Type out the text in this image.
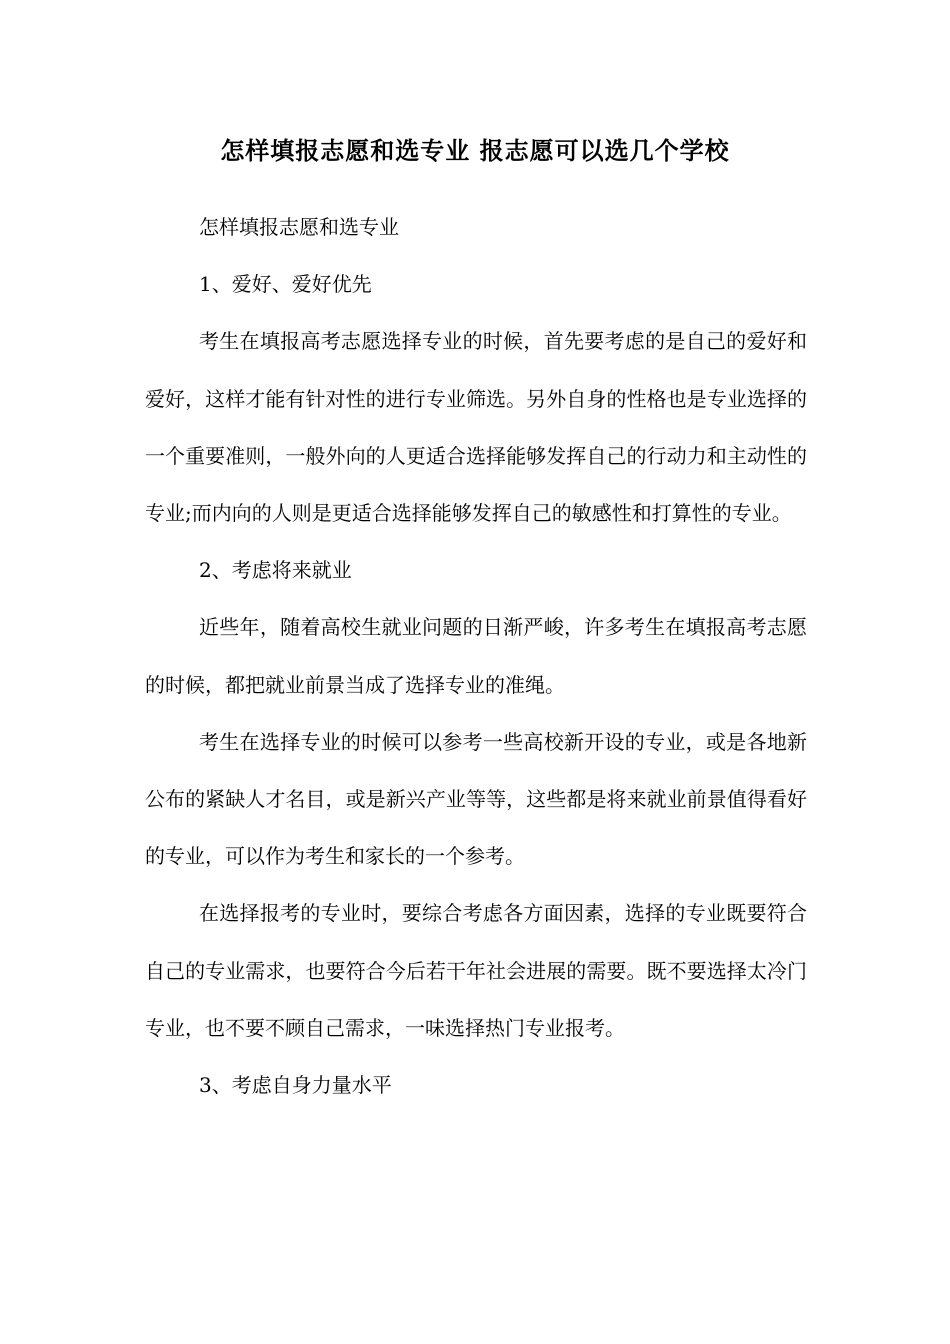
怎样填报志愿和选专业 报志愿可以选几个学校

怎样填报志愿和选专业

1、爱好、爱好优先

考生在填报高考志愿选择专业的时候，首先要考虑的是自己的爱好和爱好，这样才能有针对性的进行专业筛选。另外自身的性格也是专业选择的一个重要准则，一般外向的人更适合选择能够发挥自己的行动力和主动性的专业;而内向的人则是更适合选择能够发挥自己的敏感性和打算性的专业。

2、考虑将来就业

近些年，随着高校生就业问题的日渐严峻，许多考生在填报高考志愿的时候，都把就业前景当成了选择专业的准绳。

考生在选择专业的时候可以参考一些高校新开设的专业，或是各地新公布的紧缺人才名目，或是新兴产业等等，这些都是将来就业前景值得看好的专业，可以作为考生和家长的一个参考。

在选择报考的专业时，要综合考虑各方面因素，选择的专业既要符合自己的专业需求，也要符合今后若干年社会进展的需要。既不要选择太冷门专业，也不要不顾自己需求，一味选择热门专业报考。

3、考虑自身力量水平
